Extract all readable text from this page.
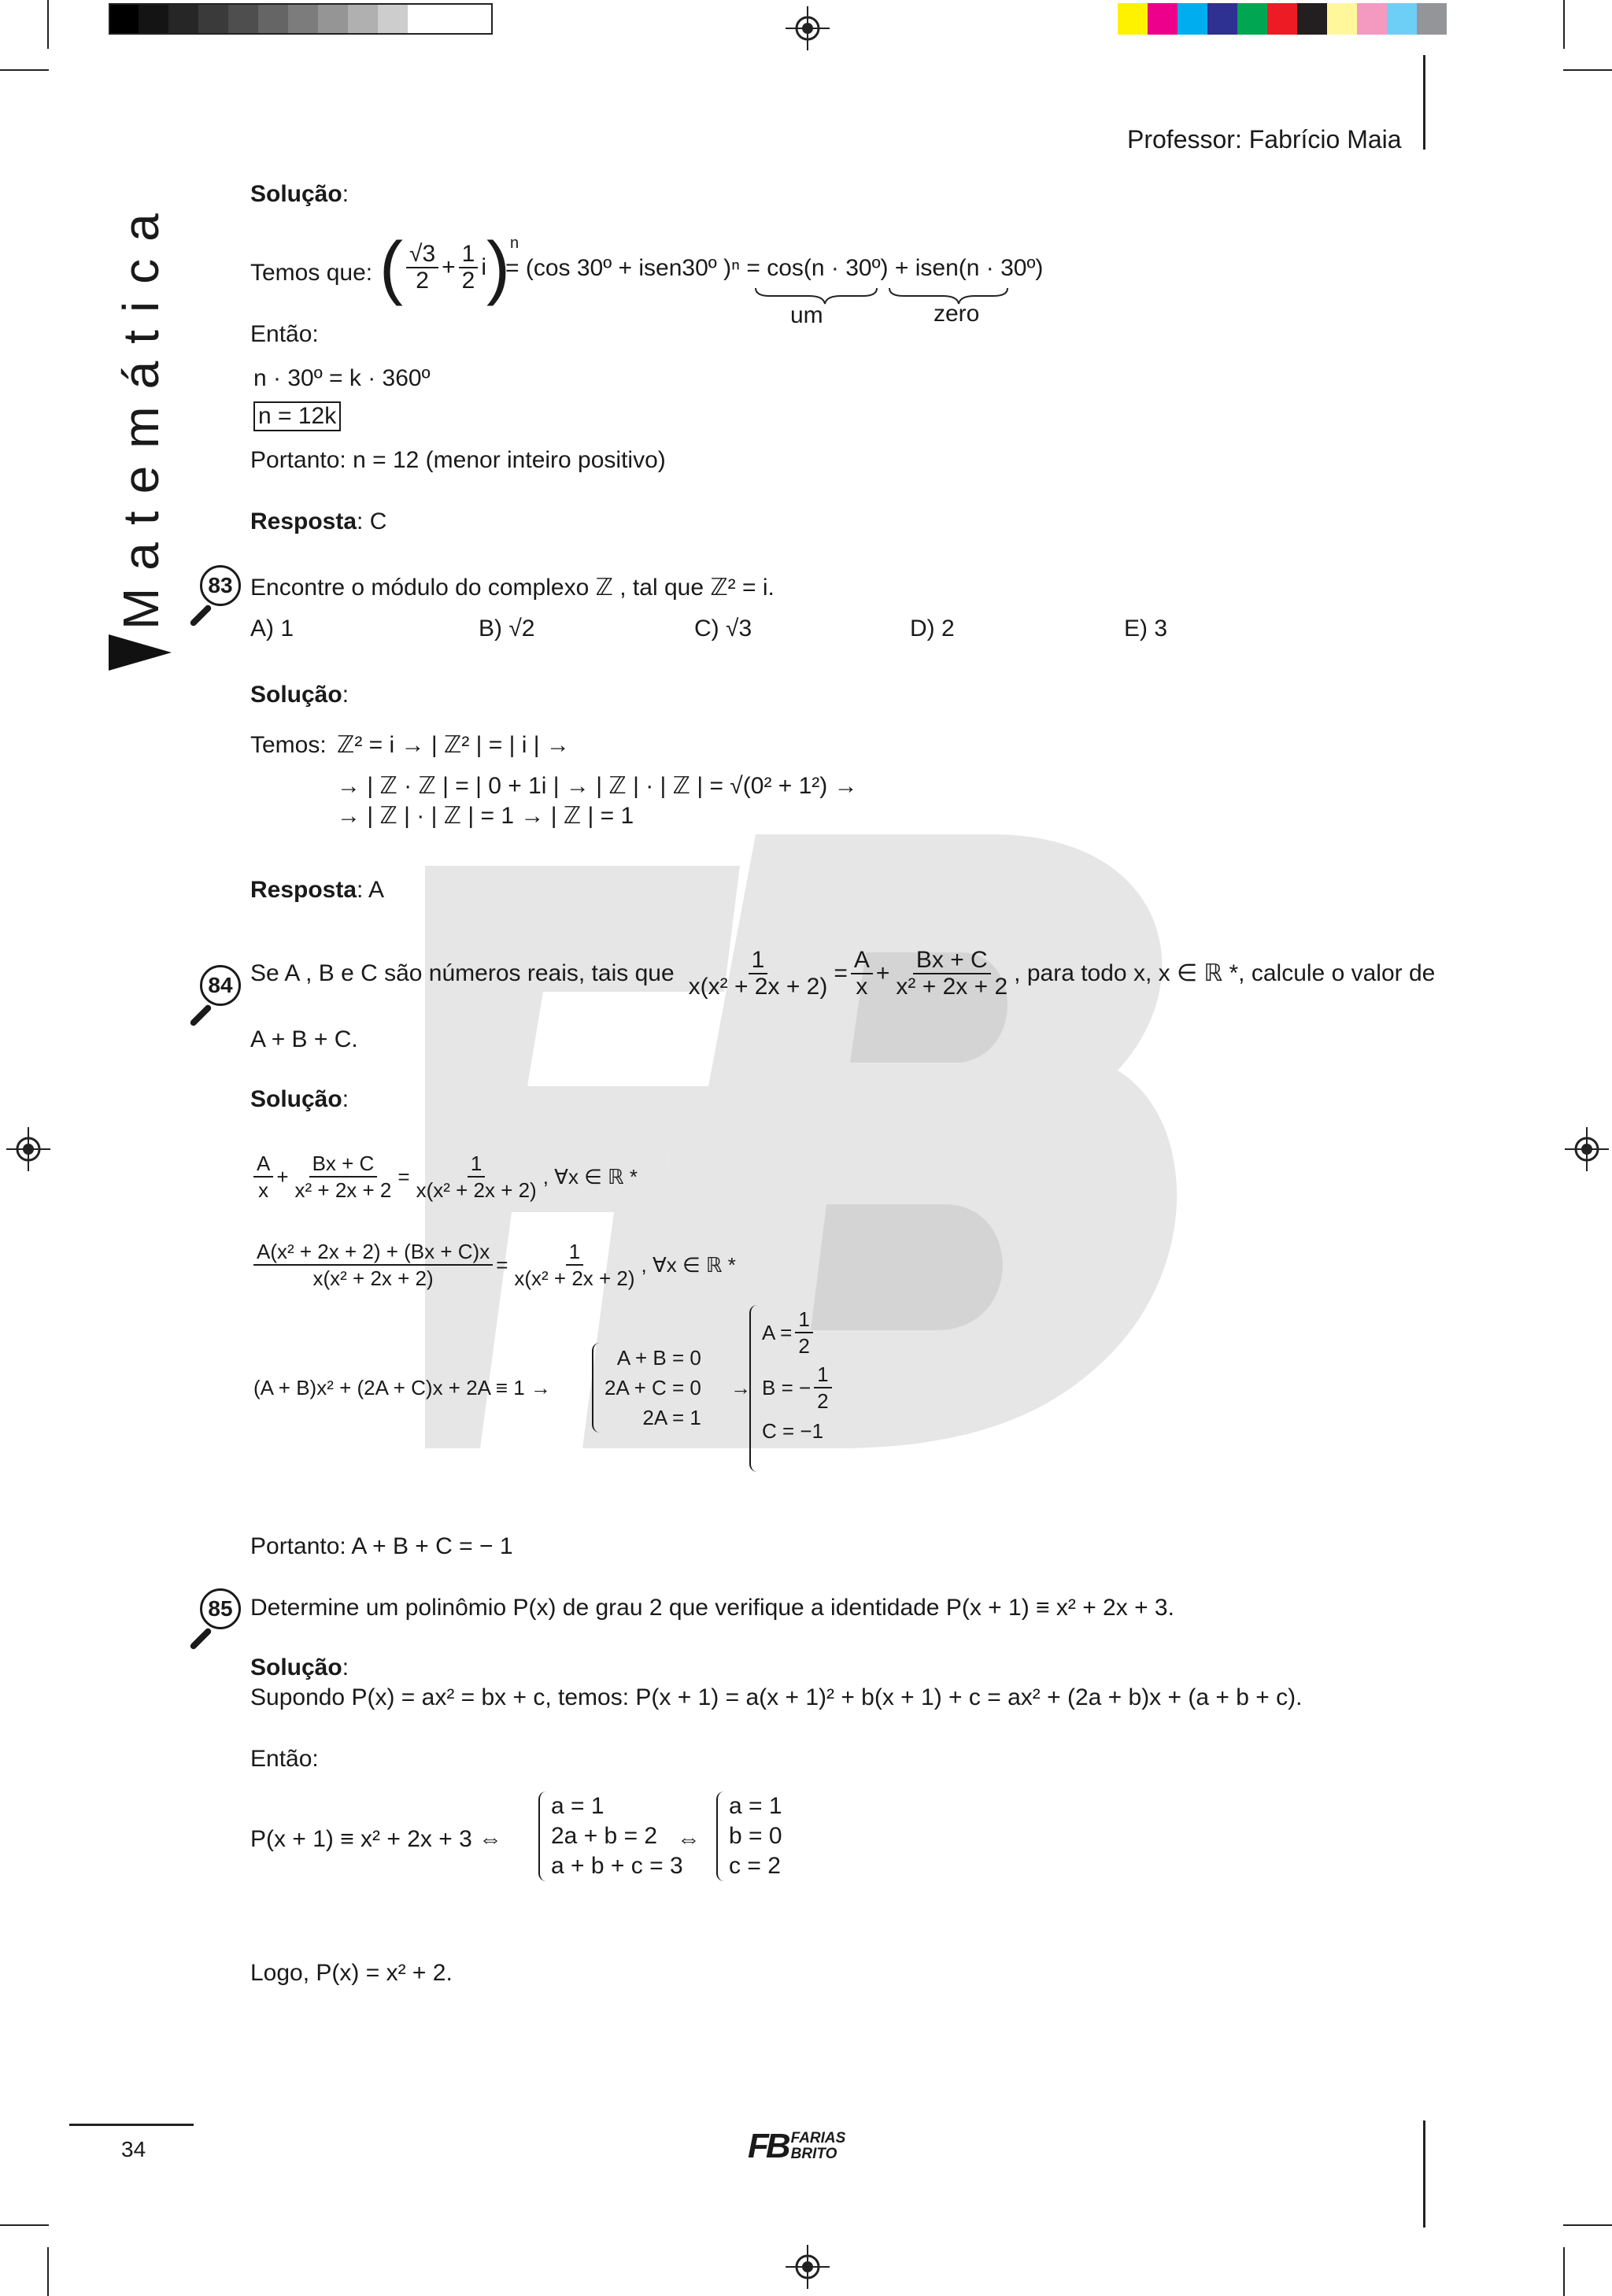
Professor: Fabrício Maia
Matemática
Solução:
Temos que: ( $\frac{√3}{2} + \frac{1}{2}$ i ) n
= (cos 30º + isen30º )ⁿ = cos(n · 30º) + isen(n · 30º)
um	zero
Então:
n · 30º = k · 360º
n = 12k
Portanto: n = 12 (menor inteiro positivo)
Resposta: C
83 Encontre o módulo do complexo ℤ , tal que ℤ² = i.
A) 1	B) √2	C) √3	D) 2	E) 3
Solução:
Temos: ℤ² = i → | ℤ² | = | i | →
→ | ℤ · ℤ | = | 0 + 1i | → | ℤ | · | ℤ | = √(0² + 1²) →
→ | ℤ | · | ℤ | = 1 → | ℤ | = 1
Resposta: A
84 Se A , B e C são números reais, tais que $\frac{1}{\text{x(x² + 2x + 2)}} = \frac{A}{x} + \frac{Bx + C}{\text{x² + 2x + 2}}$ , para todo x, x ∈ ℝ *, calcule o valor de
A + B + C.
Solução:
$\frac{A}{x} + \frac{Bx + C}{\text{x² + 2x + 2}} = \frac{1}{\text{x(x² + 2x + 2)}}$ , ∀x ∈ ℝ *
$\frac{\text{A(x² + 2x + 2) + (Bx + C)x}}{\text{x(x² + 2x + 2)}} = \frac{1}{\text{x(x² + 2x + 2)}}$ , ∀x ∈ ℝ *
(A + B)x² + (2A + C)x + 2A ≡ 1 →
A + B = 0
2A + C = 0
2A = 1
→
$A = \frac{1}{2}$
B = − $\frac{1}{2}$
C = −1
Portanto: A + B + C = − 1
85 Determine um polinômio P(x) de grau 2 que verifique a identidade P(x + 1) ≡ x² + 2x + 3.
Solução:
Supondo P(x) = ax² = bx + c, temos: P(x + 1) = a(x + 1)² + b(x + 1) + c = ax² + (2a + b)x + (a + b + c).
Então:
P(x + 1) ≡ x² + 2x + 3 ⇔
a = 1
2a + b = 2
a + b + c = 3
⇔
a = 1
b = 0
c = 2
Logo, P(x) = x² + 2.
34	FB FARIAS
BRITO
